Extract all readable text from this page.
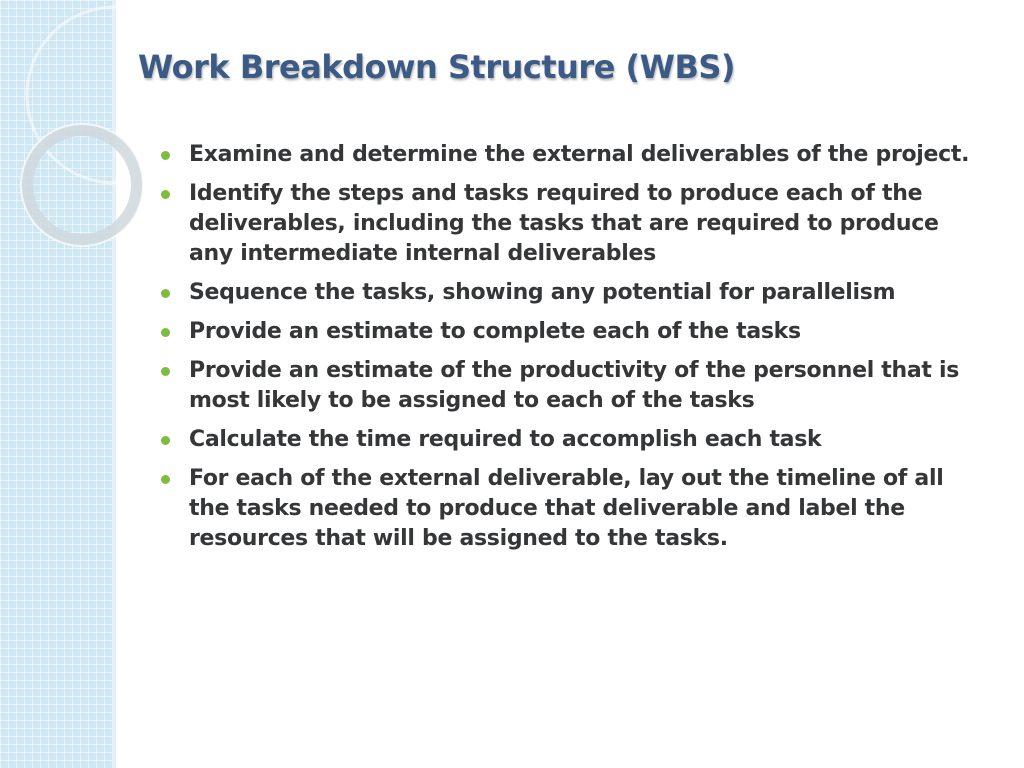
Work Breakdown Structure (WBS)
Examine and determine the external deliverables of the project.
Identify the steps and tasks required to produce each of the deliverables, including the tasks that are required to produce any intermediate internal deliverables
Sequence the tasks, showing any potential for parallelism
Provide an estimate to complete each of the tasks
Provide an estimate of the productivity of the personnel that is most likely to be assigned to each of the tasks
Calculate the time required to accomplish each task
For each of the external deliverable, lay out the timeline of all the tasks needed to produce that deliverable and label the resources that will be assigned to the tasks.
